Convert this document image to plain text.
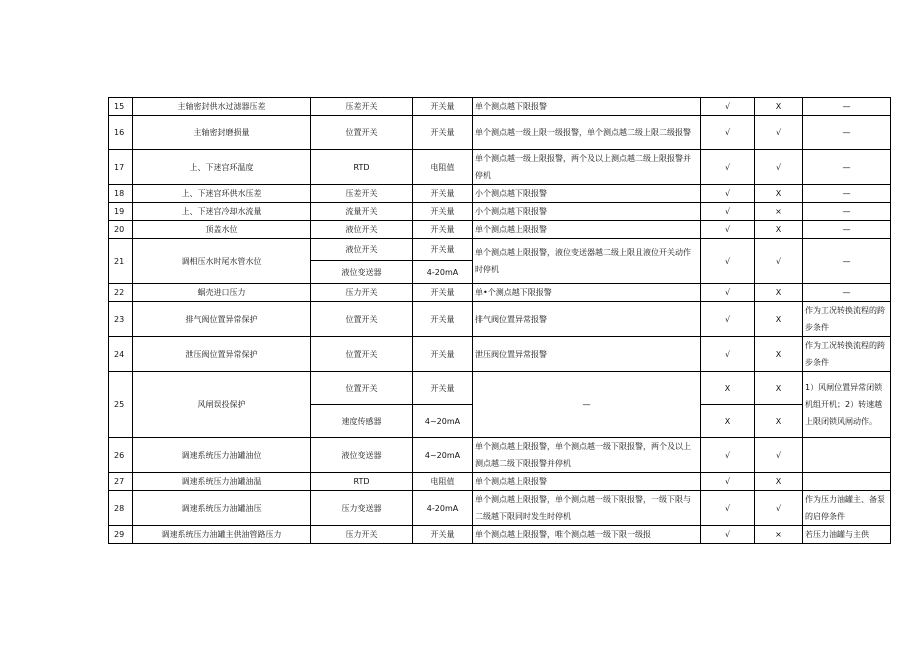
15	主轴密封供水过滤器压差	压差开关	开关量	单个测点越下限报警	√	X	—
16	主轴密封磨损量	位置开关	开关量	单个测点越一级上限一级报警，单个测点越二级上限二级报警	√	√	—
17	上、下迷宫环温度	RTD	电阻值	单个测点越一级上限报警，两个及以上测点越二级上限报警并停机	√	√	—
18	上、下迷宫环供水压差	压差开关	开关量	小个测点越下限报警	√	X	—
19	上、下迷宫冷却水流量	流量开关	开关量	小个测点越下限报警	√	×	—
20	顶盖水位	液位开关	开关量	单个测点越上限报警	√	X	—
21	调相压水时尾水管水位	液位开关	开关量	单个测点越上限报警，液位变送器越二级上限且液位开关动作时停机	√	√	—
		液位变送器	4-20mA				
22	蜗壳进口压力	压力开关	开关量	单•个测点越下限报警	√	X	—
23	排气阀位置异常保护	位置开关	开关量	排气阀位置异常报警	√	X	作为工况转换流程的跨步条件
24	泄压阀位置异常保护	位置开关	开关量	泄压阀位置异常报警	√	X	作为工况转换流程的跨步条件
25	风闸误投保护	位置开关	开关量	—	X	X	1）风闸位置异常闭锁机组开机；2）转速越上限闭锁风闸动作。
		速度传感器	4~20mA		X	X	
26	调速系统压力油罐油位	液位变送器	4~20mA	单个测点越上限报警，单个测点越一级下限报警，两个及以上测点越二级下限报警并停机	√	√	
27	调速系统压力油罐油温	RTD	电阻值	单个测点越上限报警	√	X	
28	调速系统压力油罐油压	压力变送器	4-20mA	单个测点越上限报警，单个测点越一级下限报警，一级下限与二级越下限同时发生时停机	√	√	作为压力油罐主、备泵的启停条件
29	调速系统压力油罐主供油管路压力	压力开关	开关量	单个测点越上限报警，唯个测点越一级下限一级报	√	×	若压力油罐与主供
